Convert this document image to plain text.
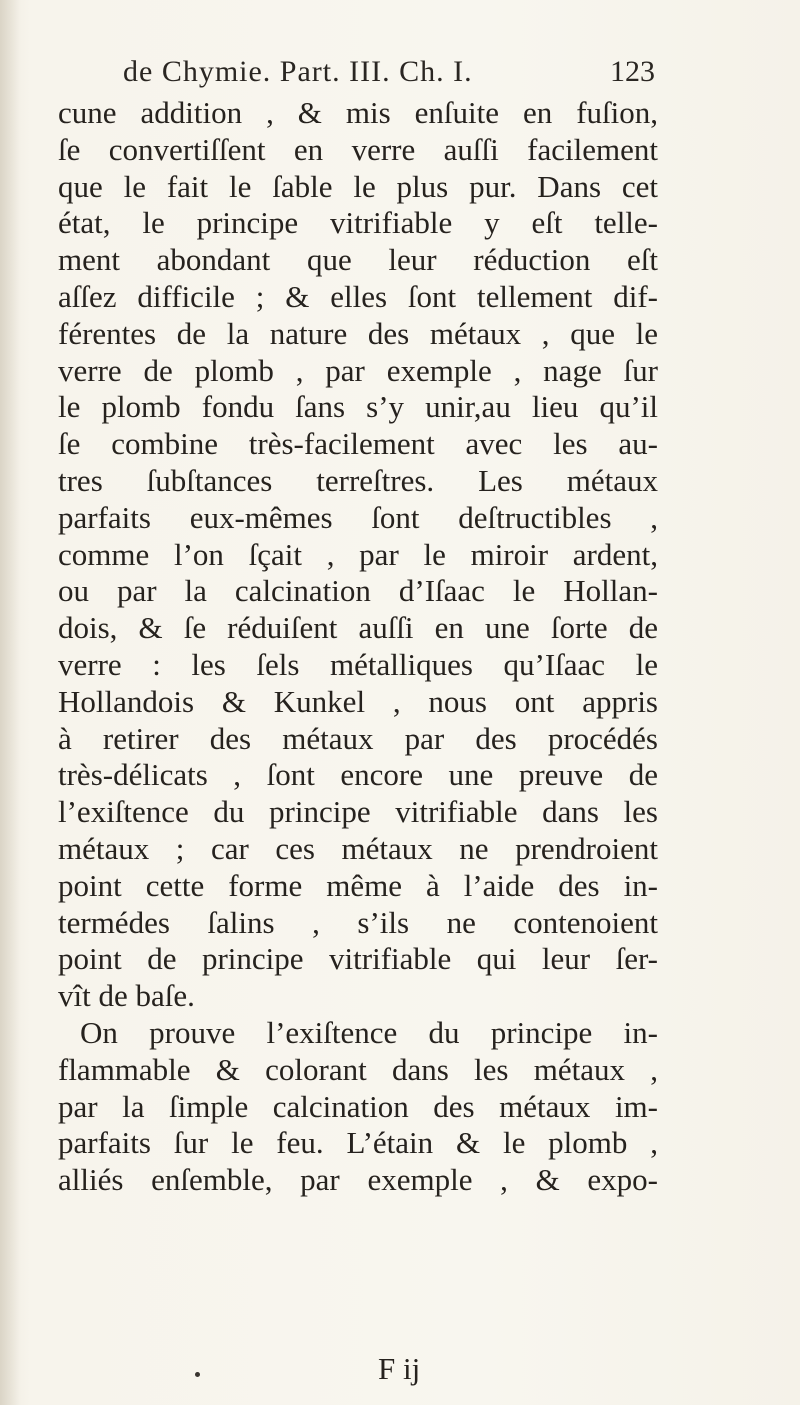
de Chymie. Part. III. Ch. I.	123
cune addition , & mis enſuite en fuſion,
ſe convertiſſent en verre auſſi facilement
que le fait le ſable le plus pur. Dans cet
état, le principe vitrifiable y eſt telle-
ment abondant que leur réduction eſt
aſſez difficile ; & elles ſont tellement dif-
férentes de la nature des métaux , que le
verre de plomb , par exemple , nage ſur
le plomb fondu ſans s’y unir,au lieu qu’il
ſe combine très-facilement avec les au-
tres ſubſtances terreſtres. Les métaux
parfaits eux-mêmes ſont deſtructibles ,
comme l’on ſçait , par le miroir ardent,
ou par la calcination d’Iſaac le Hollan-
dois, & ſe réduiſent auſſi en une ſorte de
verre : les ſels métalliques qu’Iſaac le
Hollandois & Kunkel , nous ont appris
à retirer des métaux par des procédés
très-délicats , ſont encore une preuve de
l’exiſtence du principe vitrifiable dans les
métaux ; car ces métaux ne prendroient
point cette forme même à l’aide des in-
termédes ſalins , s’ils ne contenoient
point de principe vitrifiable qui leur ſer-
vît de baſe.
On prouve l’exiſtence du principe in-
flammable & colorant dans les métaux ,
par la ſimple calcination des métaux im-
parfaits ſur le feu. L’étain & le plomb ,
alliés enſemble, par exemple , & expo-
F ij
